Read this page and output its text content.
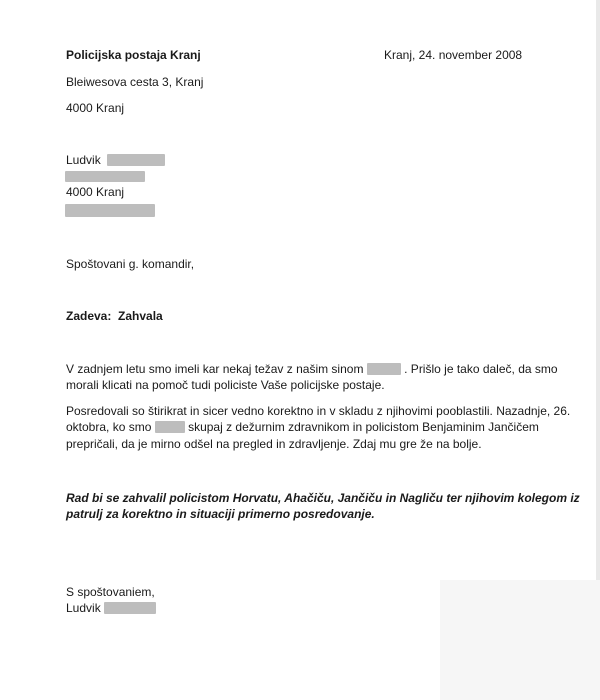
Policijska postaja Kranj	Kranj, 24. november 2008
Bleiwesova cesta 3, Kranj
4000 Kranj
Ludvik
4000 Kranj
Spoštovani g. komandir,
Zadeva: Zahvala
V zadnjem letu smo imeli kar nekaj težav z našim sinom	. Prišlo je tako daleč, da smo
morali klicati na pomoč tudi policiste Vaše policijske postaje.
Posredovali so štirikrat in sicer vedno korektno in v skladu z njihovimi pooblastili. Nazadnje, 26.
oktobra, ko smo	skupaj z dežurnim zdravnikom in policistom Benjaminim Jančičem
prepričali, da je mirno odšel na pregled in zdravljenje. Zdaj mu gre že na bolje.
Rad bi se zahvalil policistom Horvatu, Ahačiču, Jančiču in Nagliču ter njihovim kolegom iz
patrulj za korektno in situaciji primerno posredovanje.
S spoštovaniem,
Ludvik
